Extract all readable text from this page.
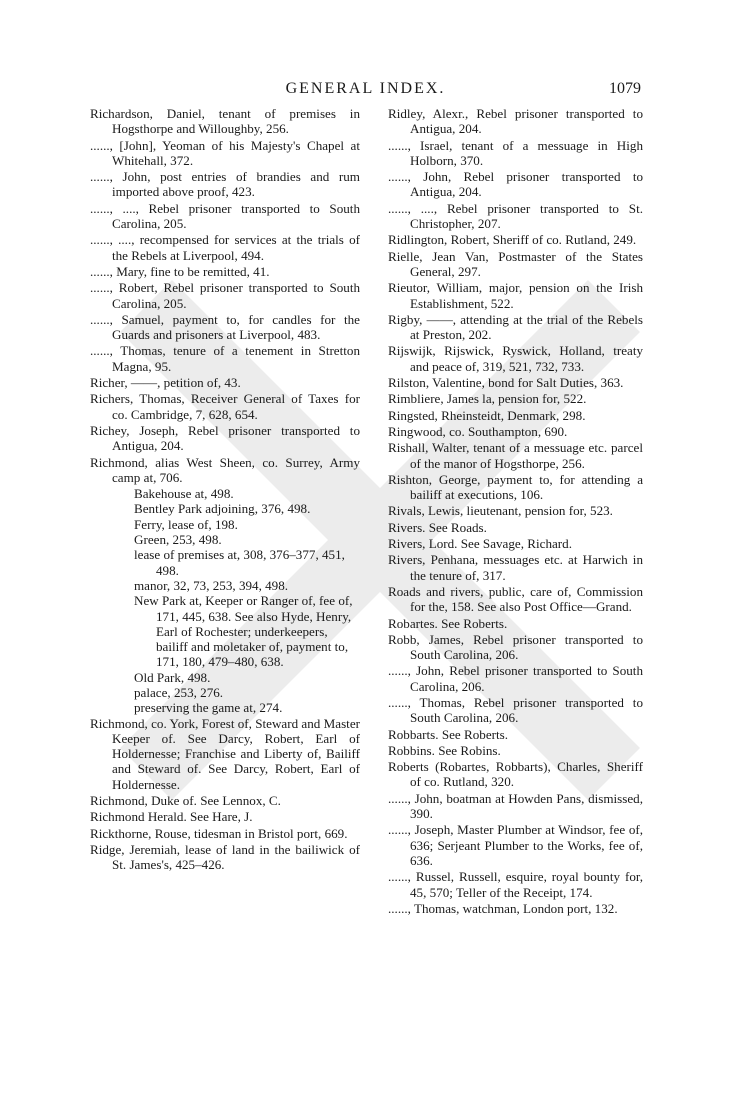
GENERAL INDEX.	1079

Richardson, Daniel, tenant of premises in Hogsthorpe and Willoughby, 256.

......, [John], Yeoman of his Majesty's Chapel at Whitehall, 372.

......, John, post entries of brandies and rum imported above proof, 423.

......, ...., Rebel prisoner transported to South Carolina, 205.

......, ...., recompensed for services at the trials of the Rebels at Liverpool, 494.

......, Mary, fine to be remitted, 41.

......, Robert, Rebel prisoner transported to South Carolina, 205.

......, Samuel, payment to, for candles for the Guards and prisoners at Liverpool, 483.

......, Thomas, tenure of a tenement in Stretton Magna, 95.

Richer, ——, petition of, 43.

Richers, Thomas, Receiver General of Taxes for co. Cambridge, 7, 628, 654.

Richey, Joseph, Rebel prisoner transported to Antigua, 204.

Richmond, alias West Sheen, co. Surrey, Army camp at, 706.

Bakehouse at, 498.

Bentley Park adjoining, 376, 498.

Ferry, lease of, 198.

Green, 253, 498.

lease of premises at, 308, 376–377, 451, 498.

manor, 32, 73, 253, 394, 498.

New Park at, Keeper or Ranger of, fee of, 171, 445, 638. See also Hyde, Henry, Earl of Rochester; underkeepers, bailiff and moletaker of, payment to, 171, 180, 479–480, 638.

Old Park, 498.

palace, 253, 276.

preserving the game at, 274.

Richmond, co. York, Forest of, Steward and Master Keeper of. See Darcy, Robert, Earl of Holdernesse; Franchise and Liberty of, Bailiff and Steward of. See Darcy, Robert, Earl of Holdernesse.

Richmond, Duke of. See Lennox, C.

Richmond Herald. See Hare, J.

Rickthorne, Rouse, tidesman in Bristol port, 669.

Ridge, Jeremiah, lease of land in the bailiwick of St. James's, 425–426.

Ridley, Alexr., Rebel prisoner transported to Antigua, 204.

......, Israel, tenant of a messuage in High Holborn, 370.

......, John, Rebel prisoner transported to Antigua, 204.

......, ...., Rebel prisoner transported to St. Christopher, 207.

Ridlington, Robert, Sheriff of co. Rutland, 249.

Rielle, Jean Van, Postmaster of the States General, 297.

Rieutor, William, major, pension on the Irish Establishment, 522.

Rigby, ——, attending at the trial of the Rebels at Preston, 202.

Rijswijk, Rijswick, Ryswick, Holland, treaty and peace of, 319, 521, 732, 733.

Rilston, Valentine, bond for Salt Duties, 363.

Rimbliere, James la, pension for, 522.

Ringsted, Rheinsteidt, Denmark, 298.

Ringwood, co. Southampton, 690.

Rishall, Walter, tenant of a messuage etc. parcel of the manor of Hogsthorpe, 256.

Rishton, George, payment to, for attending a bailiff at executions, 106.

Rivals, Lewis, lieutenant, pension for, 523.

Rivers. See Roads.

Rivers, Lord. See Savage, Richard.

Rivers, Penhana, messuages etc. at Harwich in the tenure of, 317.

Roads and rivers, public, care of, Commission for the, 158. See also Post Office—Grand.

Robartes. See Roberts.

Robb, James, Rebel prisoner transported to South Carolina, 206.

......, John, Rebel prisoner transported to South Carolina, 206.

......, Thomas, Rebel prisoner transported to South Carolina, 206.

Robbarts. See Roberts.

Robbins. See Robins.

Roberts (Robartes, Robbarts), Charles, Sheriff of co. Rutland, 320.

......, John, boatman at Howden Pans, dismissed, 390.

......, Joseph, Master Plumber at Windsor, fee of, 636; Serjeant Plumber to the Works, fee of, 636.

......, Russel, Russell, esquire, royal bounty for, 45, 570; Teller of the Receipt, 174.

......, Thomas, watchman, London port, 132.
